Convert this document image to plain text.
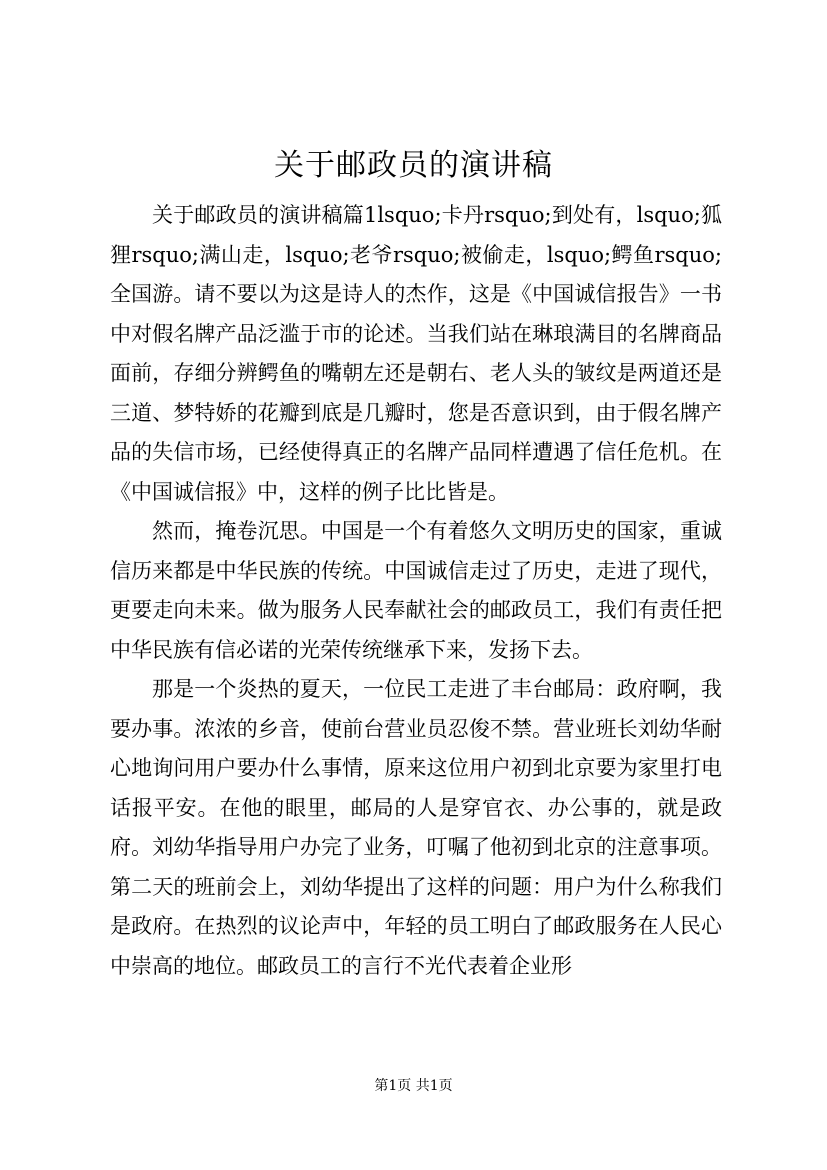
关于邮政员的演讲稿

关于邮政员的演讲稿篇1lsquo;卡丹rsquo;到处有，lsquo;狐狸rsquo;满山走，lsquo;老爷rsquo;被偷走，lsquo;鳄鱼rsquo;全国游。请不要以为这是诗人的杰作，这是《中国诚信报告》一书中对假名牌产品泛滥于市的论述。当我们站在琳琅满目的名牌商品面前，存细分辨鳄鱼的嘴朝左还是朝右、老人头的皱纹是两道还是三道、梦特娇的花瓣到底是几瓣时，您是否意识到，由于假名牌产品的失信市场，已经使得真正的名牌产品同样遭遇了信任危机。在《中国诚信报》中，这样的例子比比皆是。

然而，掩卷沉思。中国是一个有着悠久文明历史的国家，重诚信历来都是中华民族的传统。中国诚信走过了历史，走进了现代，更要走向未来。做为服务人民奉献社会的邮政员工，我们有责任把中华民族有信必诺的光荣传统继承下来，发扬下去。

那是一个炎热的夏天，一位民工走进了丰台邮局：政府啊，我要办事。浓浓的乡音，使前台营业员忍俊不禁。营业班长刘幼华耐心地询问用户要办什么事情，原来这位用户初到北京要为家里打电话报平安。在他的眼里，邮局的人是穿官衣、办公事的，就是政府。刘幼华指导用户办完了业务，叮嘱了他初到北京的注意事项。第二天的班前会上，刘幼华提出了这样的问题：用户为什么称我们是政府。在热烈的议论声中，年轻的员工明白了邮政服务在人民心中崇高的地位。邮政员工的言行不光代表着企业形

第1页 共1页
